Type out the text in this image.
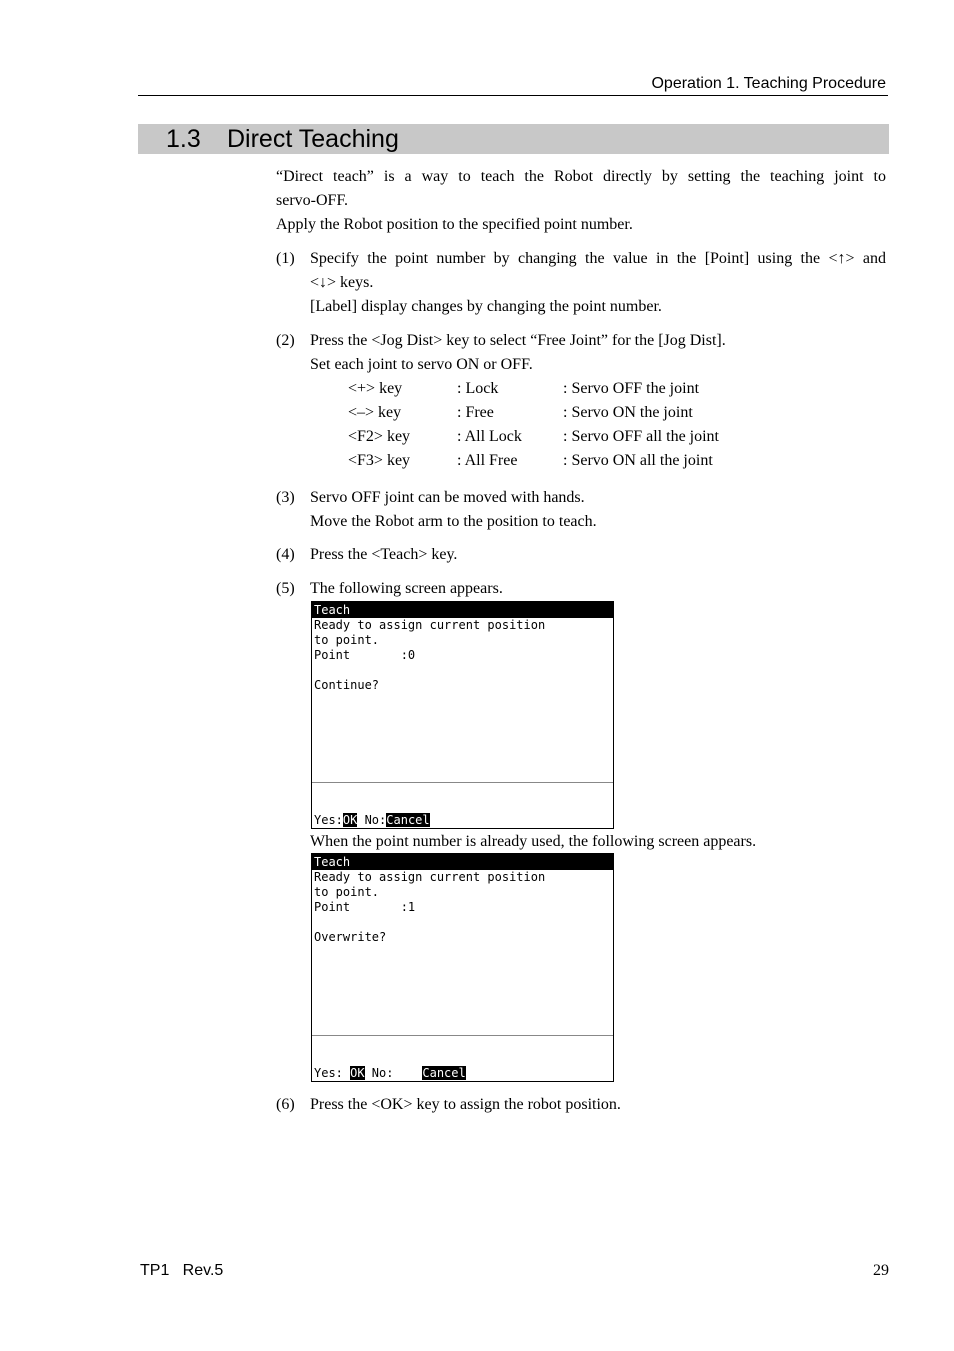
Operation 1. Teaching Procedure
1.3 Direct Teaching
“Direct teach” is a way to teach the Robot directly by setting the teaching joint to
servo-OFF.
Apply the Robot position to the specified point number.
(1) Specify the point number by changing the value in the [Point] using the <↑> and
<↓> keys.
[Label] display changes by changing the point number.
(2) Press the <Jog Dist> key to select “Free Joint” for the [Jog Dist].
Set each joint to servo ON or OFF.
<+> key	: Lock	: Servo OFF the joint
<–> key	: Free	: Servo ON the joint
<F2> key	: All Lock	: Servo OFF all the joint
<F3> key	: All Free	: Servo ON all the joint
(3) Servo OFF joint can be moved with hands.
Move the Robot arm to the position to teach.
(4) Press the <Teach> key.
(5) The following screen appears.
Teach
Ready to assign current position
to point.
Point       :0
Continue?
Yes:OK No:Cancel
When the point number is already used, the following screen appears.
Teach
Ready to assign current position
to point.
Point       :1
Overwrite?
Yes: OK No:    Cancel
(6) Press the <OK> key to assign the robot position.
TP1   Rev.5	29
